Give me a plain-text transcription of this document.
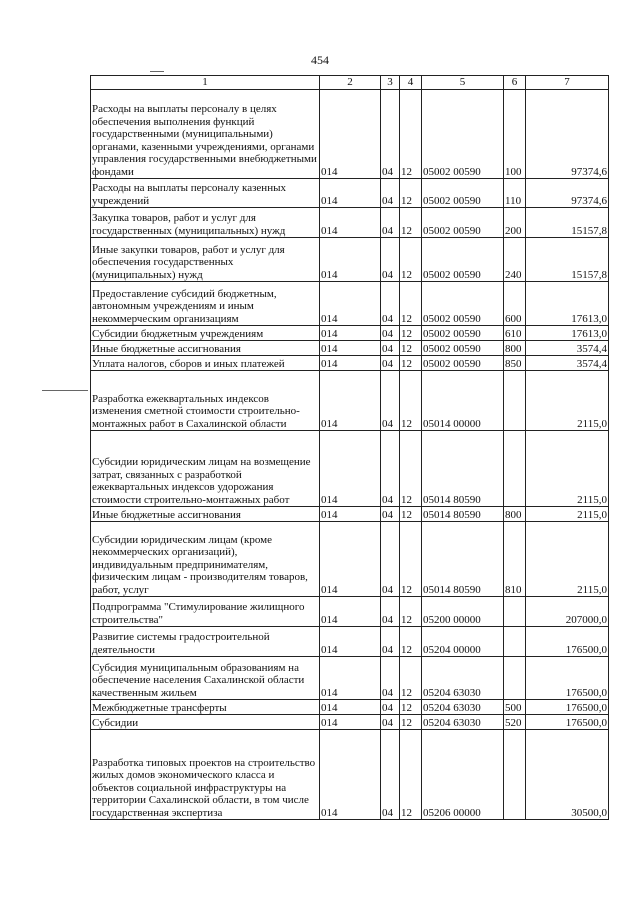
454
1	2	3	4	5	6	7
Расходы на выплаты персоналу в целях обеспечения выполнения функций государственными (муниципальными) органами, казенными учреждениями, органами управления государственными внебюджетными фондами	014	04	12	05002 00590	100	97374,6
Расходы на выплаты персоналу казенных учреждений	014	04	12	05002 00590	110	97374,6
Закупка товаров, работ и услуг для государственных (муниципальных) нужд	014	04	12	05002 00590	200	15157,8
Иные закупки товаров, работ и услуг для обеспечения государственных (муниципальных) нужд	014	04	12	05002 00590	240	15157,8
Предоставление субсидий бюджетным, автономным учреждениям и иным некоммерческим организациям	014	04	12	05002 00590	600	17613,0
Субсидии бюджетным учреждениям	014	04	12	05002 00590	610	17613,0
Иные бюджетные ассигнования	014	04	12	05002 00590	800	3574,4
Уплата налогов, сборов и иных платежей	014	04	12	05002 00590	850	3574,4
Разработка ежеквартальных индексов изменения сметной стоимости строительно-монтажных работ в Сахалинской области	014	04	12	05014 00000		2115,0
Субсидии юридическим лицам на возмещение затрат, связанных с разработкой ежеквартальных индексов удорожания стоимости строительно-монтажных работ	014	04	12	05014 80590		2115,0
Иные бюджетные ассигнования	014	04	12	05014 80590	800	2115,0
Субсидии юридическим лицам (кроме некоммерческих организаций), индивидуальным предпринимателям, физическим лицам - производителям товаров, работ, услуг	014	04	12	05014 80590	810	2115,0
Подпрограмма "Стимулирование жилищного строительства"	014	04	12	05200 00000		207000,0
Развитие системы градостроительной деятельности	014	04	12	05204 00000		176500,0
Субсидия муниципальным образованиям на обеспечение населения Сахалинской области качественным жильем	014	04	12	05204 63030		176500,0
Межбюджетные трансферты	014	04	12	05204 63030	500	176500,0
Субсидии	014	04	12	05204 63030	520	176500,0
Разработка типовых проектов на строительство жилых домов экономического класса и объектов социальной инфраструктуры на территории Сахалинской области, в том числе государственная экспертиза	014	04	12	05206 00000		30500,0
